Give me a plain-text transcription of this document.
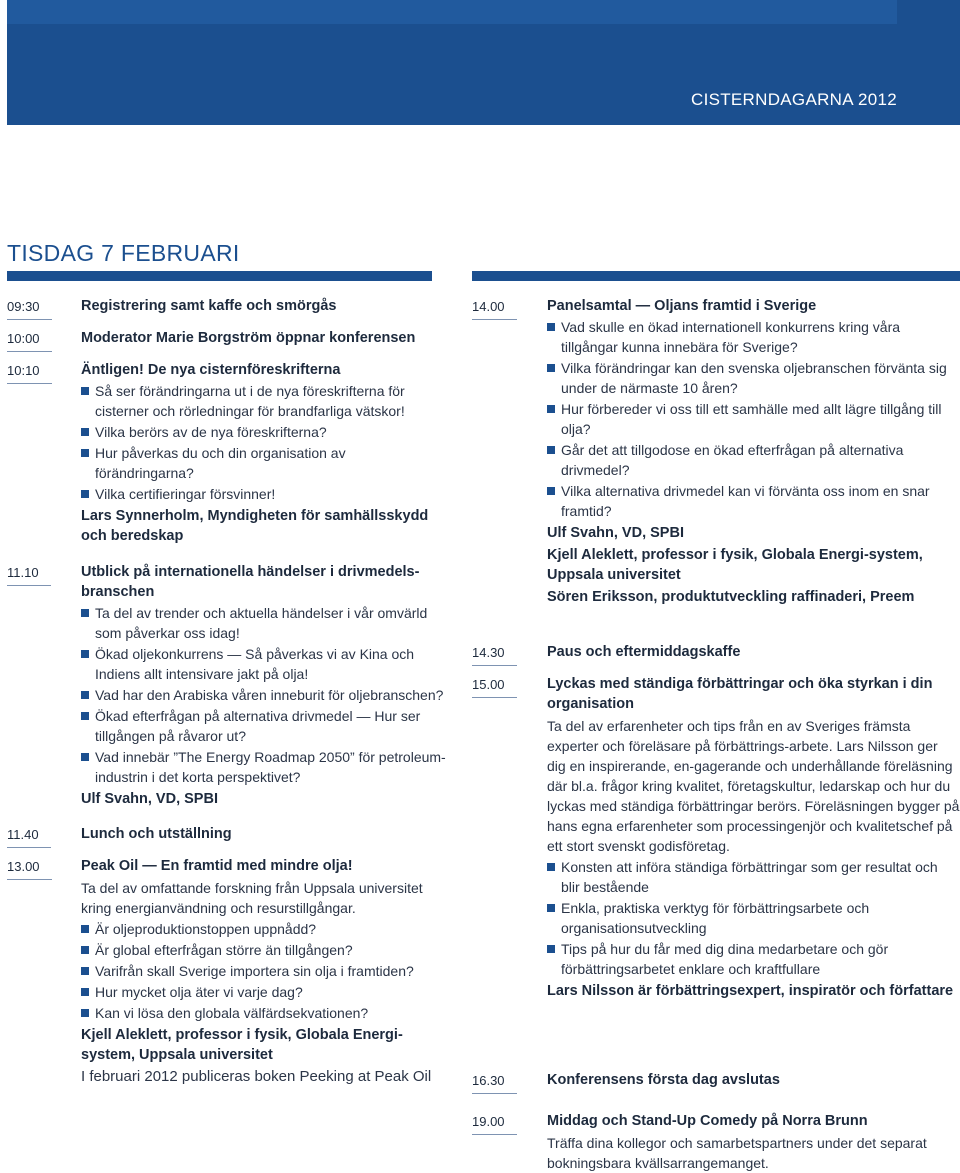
CISTERNDAGARNA 2012
TISDAG 7 FEBRUARI
09:30	Registrering samt kaffe och smörgås
10:00	Moderator Marie Borgström öppnar konferensen
10:10	Äntligen! De nya cisternföreskrifterna
Så ser förändringarna ut i de nya föreskrifterna för cisterner och rörledningar för brandfarliga vätskor!
Vilka berörs av de nya föreskrifterna?
Hur påverkas du och din organisation av förändringarna?
Vilka certifieringar försvinner!
Lars Synnerholm, Myndigheten för samhällsskydd och beredskap
11.10	Utblick på internationella händelser i drivmedels-branschen
Ta del av trender och aktuella händelser i vår omvärld som påverkar oss idag!
Ökad oljekonkurrens — Så påverkas vi av Kina och Indiens allt intensivare jakt på olja!
Vad har den Arabiska våren inneburit för oljebranschen?
Ökad efterfrågan på alternativa drivmedel — Hur ser tillgången på råvaror ut?
Vad innebär ”The Energy Roadmap 2050” för petroleum-industrin i det korta perspektivet?
Ulf Svahn, VD, SPBI
11.40	Lunch och utställning
13.00	Peak Oil — En framtid med mindre olja!
Ta del av omfattande forskning från Uppsala universitet kring energianvändning och resurstillgångar.
Är oljeproduktionstoppen uppnådd?
Är global efterfrågan större än tillgången?
Varifrån skall Sverige importera sin olja i framtiden?
Hur mycket olja äter vi varje dag?
Kan vi lösa den globala välfärdsekvationen?
Kjell Aleklett, professor i fysik, Globala Energi-system, Uppsala universitet
I februari 2012 publiceras boken Peeking at Peak Oil
14.00	Panelsamtal — Oljans framtid i Sverige
Vad skulle en ökad internationell konkurrens kring våra tillgångar kunna innebära för Sverige?
Vilka förändringar kan den svenska oljebranschen förvänta sig under de närmaste 10 åren?
Hur förbereder vi oss till ett samhälle med allt lägre tillgång till olja?
Går det att tillgodose en ökad efterfrågan på alternativa drivmedel?
Vilka alternativa drivmedel kan vi förvänta oss inom en snar framtid?
Ulf Svahn, VD, SPBI
Kjell Aleklett, professor i fysik, Globala Energi-system, Uppsala universitet
Sören Eriksson, produktutveckling raffinaderi, Preem
14.30	Paus och eftermiddagskaffe
15.00	Lyckas med ständiga förbättringar och öka styrkan i din organisation
Ta del av erfarenheter och tips från en av Sveriges främsta experter och föreläsare på förbättrings-arbete. Lars Nilsson ger dig en inspirerande, en-gagerande och underhållande föreläsning där bl.a. frågor kring kvalitet, företagskultur, ledarskap och hur du lyckas med ständiga förbättringar berörs. Föreläsningen bygger på hans egna erfarenheter som processingenjör och kvalitetschef på ett stort svenskt godisföretag.
Konsten att införa ständiga förbättringar som ger resultat och blir bestående
Enkla, praktiska verktyg för förbättringsarbete och organisationsutveckling
Tips på hur du får med dig dina medarbetare och gör förbättringsarbetet enklare och kraftfullare
Lars Nilsson är förbättringsexpert, inspiratör och författare
16.30	Konferensens första dag avslutas
19.00	Middag och Stand-Up Comedy på Norra Brunn
Träffa dina kollegor och samarbetspartners under det separat bokningsbara kvällsarrangemanget.
